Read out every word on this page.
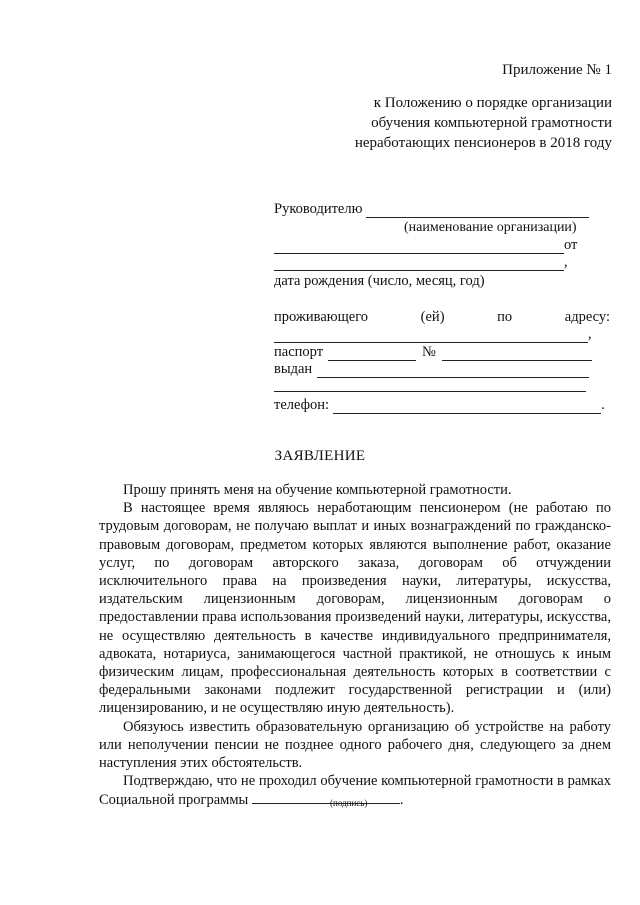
Приложение № 1
к Положению о порядке организации
обучения компьютерной грамотности
неработающих пенсионеров в 2018 году
Руководителю
(наименование организации)
от
,
дата рождения (число, месяц, год)
проживающего	(ей)	по	адресу:
,
паспорт	№
выдан
телефон:	.
ЗАЯВЛЕНИЕ

Прошу принять меня на обучение компьютерной грамотности.

В настоящее время являюсь неработающим пенсионером (не работаю по трудовым договорам, не получаю выплат и иных вознаграждений по гражданско-правовым договорам, предметом которых являются выполнение работ, оказание услуг, по договорам авторского заказа, договорам об отчуждении исключительного права на произведения науки, литературы, искусства, издательским лицензионным договорам, лицензионным договорам о предоставлении права использования произведений науки, литературы, искусства, не осуществляю деятельность в качестве индивидуального предпринимателя, адвоката, нотариуса, занимающегося частной практикой, не отношусь к иным физическим лицам, профессиональная деятельность которых в соответствии с федеральными законами подлежит государственной регистрации и (или) лицензированию, и не осуществляю иную деятельность).

Обязуюсь известить образовательную организацию об устройстве на работу или неполучении пенсии не позднее одного рабочего дня, следующего за днем наступления этих обстоятельств.

Подтверждаю, что не проходил обучение компьютерной грамотности в рамках Социальной программы	.

(подпись)
